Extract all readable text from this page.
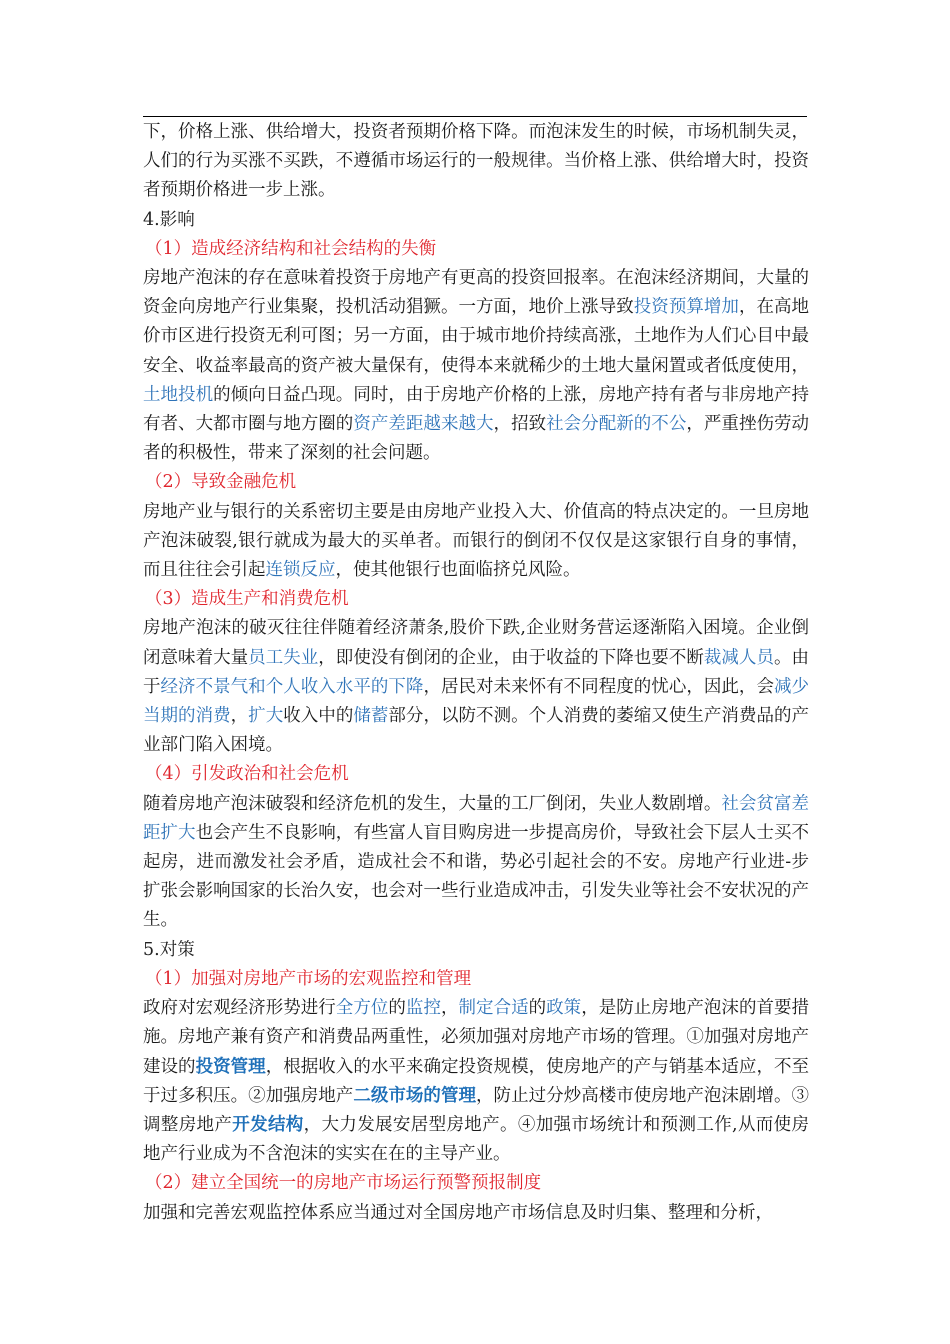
下，价格上涨、供给增大，投资者预期价格下降。而泡沫发生的时候，市场机制失灵，人们的行为买涨不买跌，不遵循市场运行的一般规律。当价格上涨、供给增大时，投资者预期价格进一步上涨。

4.影响

（1）造成经济结构和社会结构的失衡

房地产泡沫的存在意味着投资于房地产有更高的投资回报率。在泡沫经济期间，大量的资金向房地产行业集聚，投机活动猖獗。一方面，地价上涨导致投资预算增加，在高地价市区进行投资无利可图；另一方面，由于城市地价持续高涨，土地作为人们心目中最安全、收益率最高的资产被大量保有，使得本来就稀少的土地大量闲置或者低度使用，土地投机的倾向日益凸现。同时，由于房地产价格的上涨，房地产持有者与非房地产持有者、大都市圈与地方圈的资产差距越来越大，招致社会分配新的不公，严重挫伤劳动者的积极性，带来了深刻的社会问题。

（2）导致金融危机

房地产业与银行的关系密切主要是由房地产业投入大、价值高的特点决定的。一旦房地产泡沫破裂,银行就成为最大的买单者。而银行的倒闭不仅仅是这家银行自身的事情，而且往往会引起连锁反应，使其他银行也面临挤兑风险。

（3）造成生产和消费危机

房地产泡沫的破灭往往伴随着经济萧条,股价下跌,企业财务营运逐渐陷入困境。企业倒闭意味着大量员工失业，即使没有倒闭的企业，由于收益的下降也要不断裁减人员。由于经济不景气和个人收入水平的下降，居民对未来怀有不同程度的忧心，因此，会减少当期的消费，扩大收入中的储蓄部分，以防不测。个人消费的萎缩又使生产消费品的产业部门陷入困境。

（4）引发政治和社会危机

随着房地产泡沫破裂和经济危机的发生，大量的工厂倒闭，失业人数剧增。社会贫富差距扩大也会产生不良影响，有些富人盲目购房进一步提高房价，导致社会下层人士买不起房，进而激发社会矛盾，造成社会不和谐，势必引起社会的不安。房地产行业进-步扩张会影响国家的长治久安，也会对一些行业造成冲击，引发失业等社会不安状况的产生。

5.对策

（1）加强对房地产市场的宏观监控和管理

政府对宏观经济形势进行全方位的监控，制定合适的政策，是防止房地产泡沫的首要措施。房地产兼有资产和消费品两重性，必须加强对房地产市场的管理。①加强对房地产建设的投资管理，根据收入的水平来确定投资规模，使房地产的产与销基本适应，不至于过多积压。②加强房地产二级市场的管理，防止过分炒高楼市使房地产泡沫剧增。③调整房地产开发结构，大力发展安居型房地产。④加强市场统计和预测工作,从而使房地产行业成为不含泡沫的实实在在的主导产业。

（2）建立全国统一的房地产市场运行预警预报制度

加强和完善宏观监控体系应当通过对全国房地产市场信息及时归集、整理和分析，
